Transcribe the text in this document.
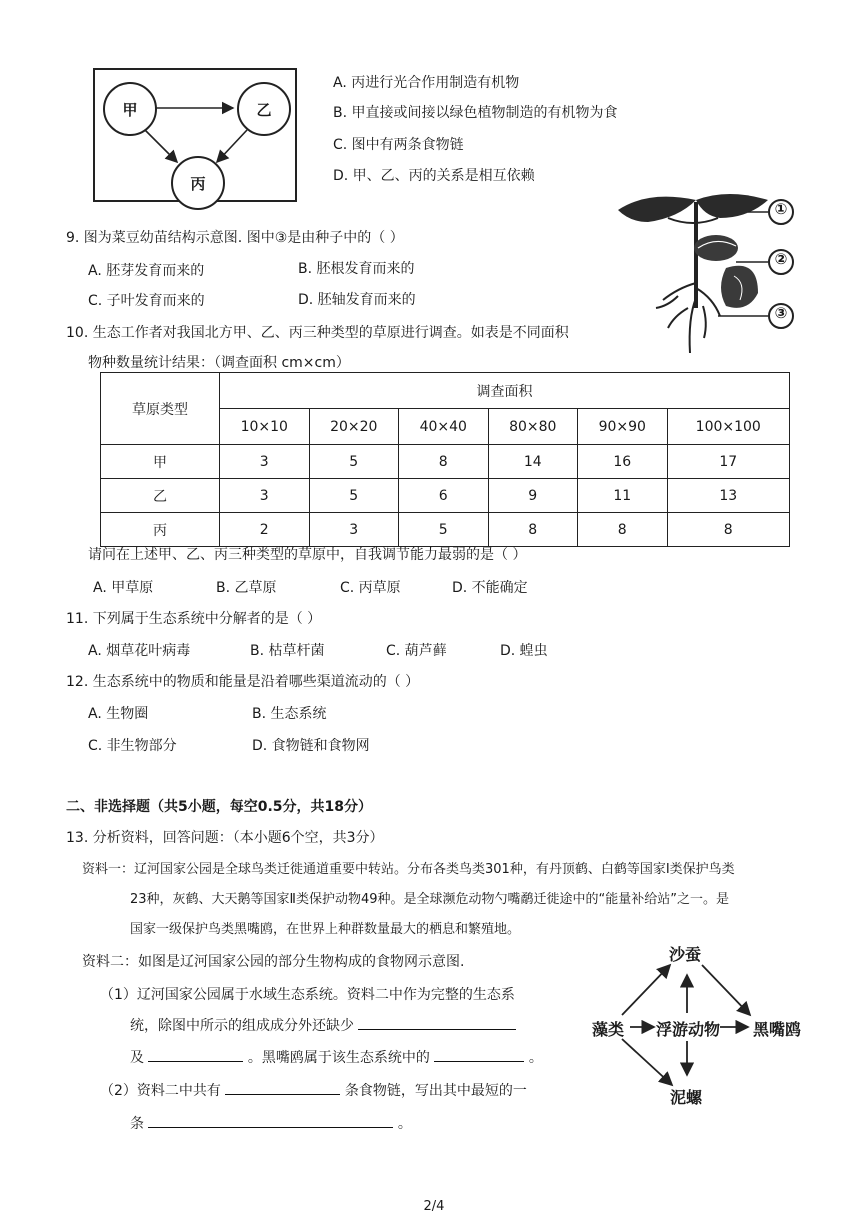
甲	乙
丙
A. 丙进行光合作用制造有机物
B. 甲直接或间接以绿色植物制造的有机物为食
C. 图中有两条食物链
D. 甲、乙、丙的关系是相互依赖
9. 图为菜豆幼苗结构示意图. 图中③是由种子中的（ ）
A. 胚芽发育而来的	B. 胚根发育而来的
C. 子叶发育而来的	D. 胚轴发育而来的
①
②
③
10. 生态工作者对我国北方甲、乙、丙三种类型的草原进行调查。如表是不同面积
物种数量统计结果：（调查面积 cm×cm）
草原类型	调查面积					
	10×10	20×20	40×40	80×80	90×90	100×100
甲	3	5	8	14	16	17
乙	3	5	6	9	11	13
丙	2	3	5	8	8	8
请问在上述甲、乙、丙三种类型的草原中，自我调节能力最弱的是（ ）
A. 甲草原	B. 乙草原	C. 丙草原	D. 不能确定
11. 下列属于生态系统中分解者的是（ ）
A. 烟草花叶病毒	B. 枯草杆菌	C. 葫芦藓	D. 蝗虫
12. 生态系统中的物质和能量是沿着哪些渠道流动的（ ）
A. 生物圈	B. 生态系统
C. 非生物部分	D. 食物链和食物网
二、非选择题（共5小题，每空0.5分，共18分）
13. 分析资料，回答问题：（本小题6个空，共3分）
资料一：辽河国家公园是全球鸟类迁徙通道重要中转站。分布各类鸟类301种，有丹顶鹤、白鹤等国家Ⅰ类保护鸟类
23种，灰鹤、大天鹅等国家Ⅱ类保护动物49种。是全球濒危动物勺嘴鹬迁徙途中的“能量补给站”之一。是
国家一级保护鸟类黑嘴鸥，在世界上种群数量最大的栖息和繁殖地。
资料二：如图是辽河国家公园的部分生物构成的食物网示意图.
（1）辽河国家公园属于水域生态系统。资料二中作为完整的生态系
统，除图中所示的组成成分外还缺少
及	。黑嘴鸥属于该生态系统中的	。
（2）资料二中共有	条食物链，写出其中最短的一
条	。
沙蚕
藻类 浮游动物 黑嘴鸥
泥螺
2/4
